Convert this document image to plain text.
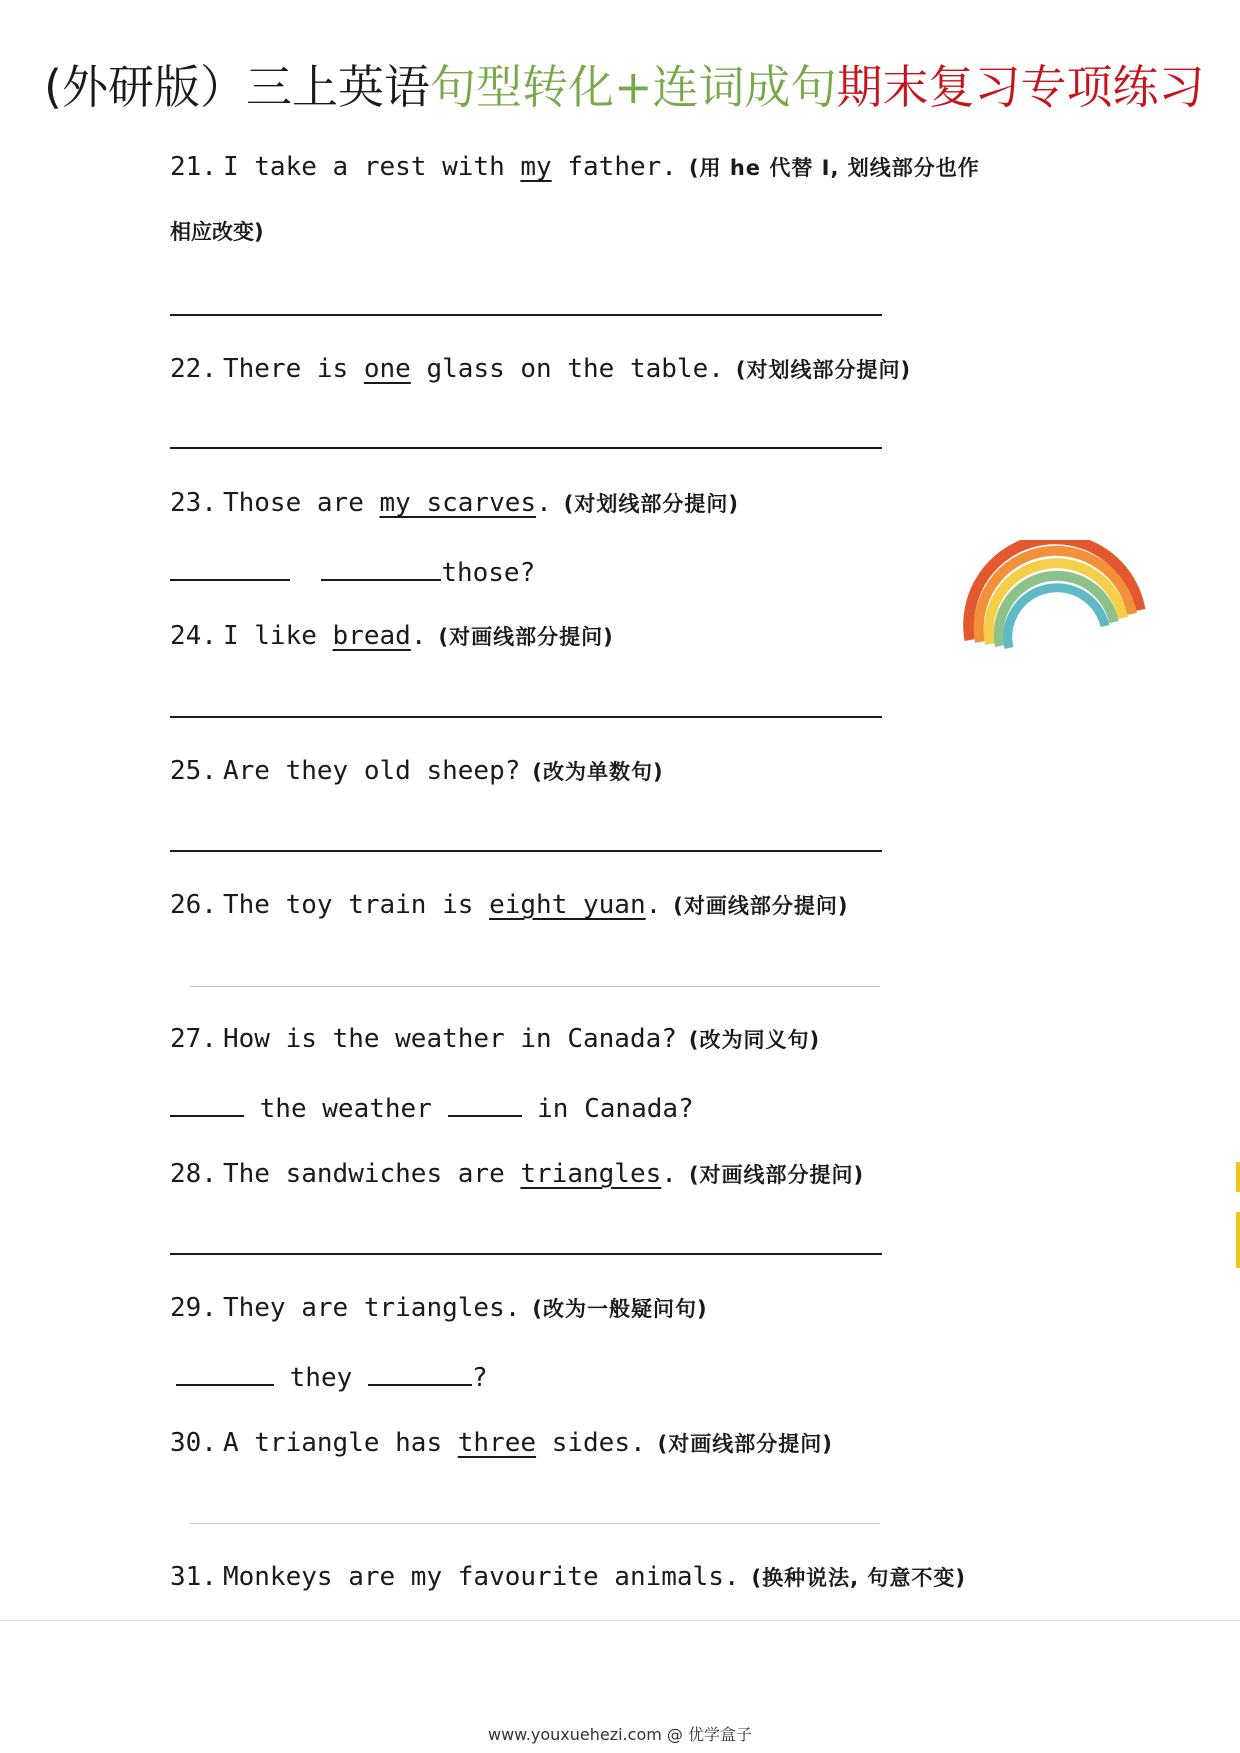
(外研版）三上英语句型转化+连词成句期末复习专项练习
21. I take a rest with my father. (用 he 代替 I, 划线部分也作
相应改变)
22. There is one glass on the table. (对划线部分提问)
23. Those are my scarves. (对划线部分提问)
those?
24. I like bread. (对画线部分提问)
25. Are they old sheep? (改为单数句)
26. The toy train is eight yuan. (对画线部分提问)
27. How is the weather in Canada? (改为同义句)
the weather	in Canada?
28. The sandwiches are triangles. (对画线部分提问)
29. They are triangles. (改为一般疑问句)
they	?
30. A triangle has three sides. (对画线部分提问)
31. Monkeys are my favourite animals. (换种说法, 句意不变)
www.youxuehezi.com @ 优学盒子
